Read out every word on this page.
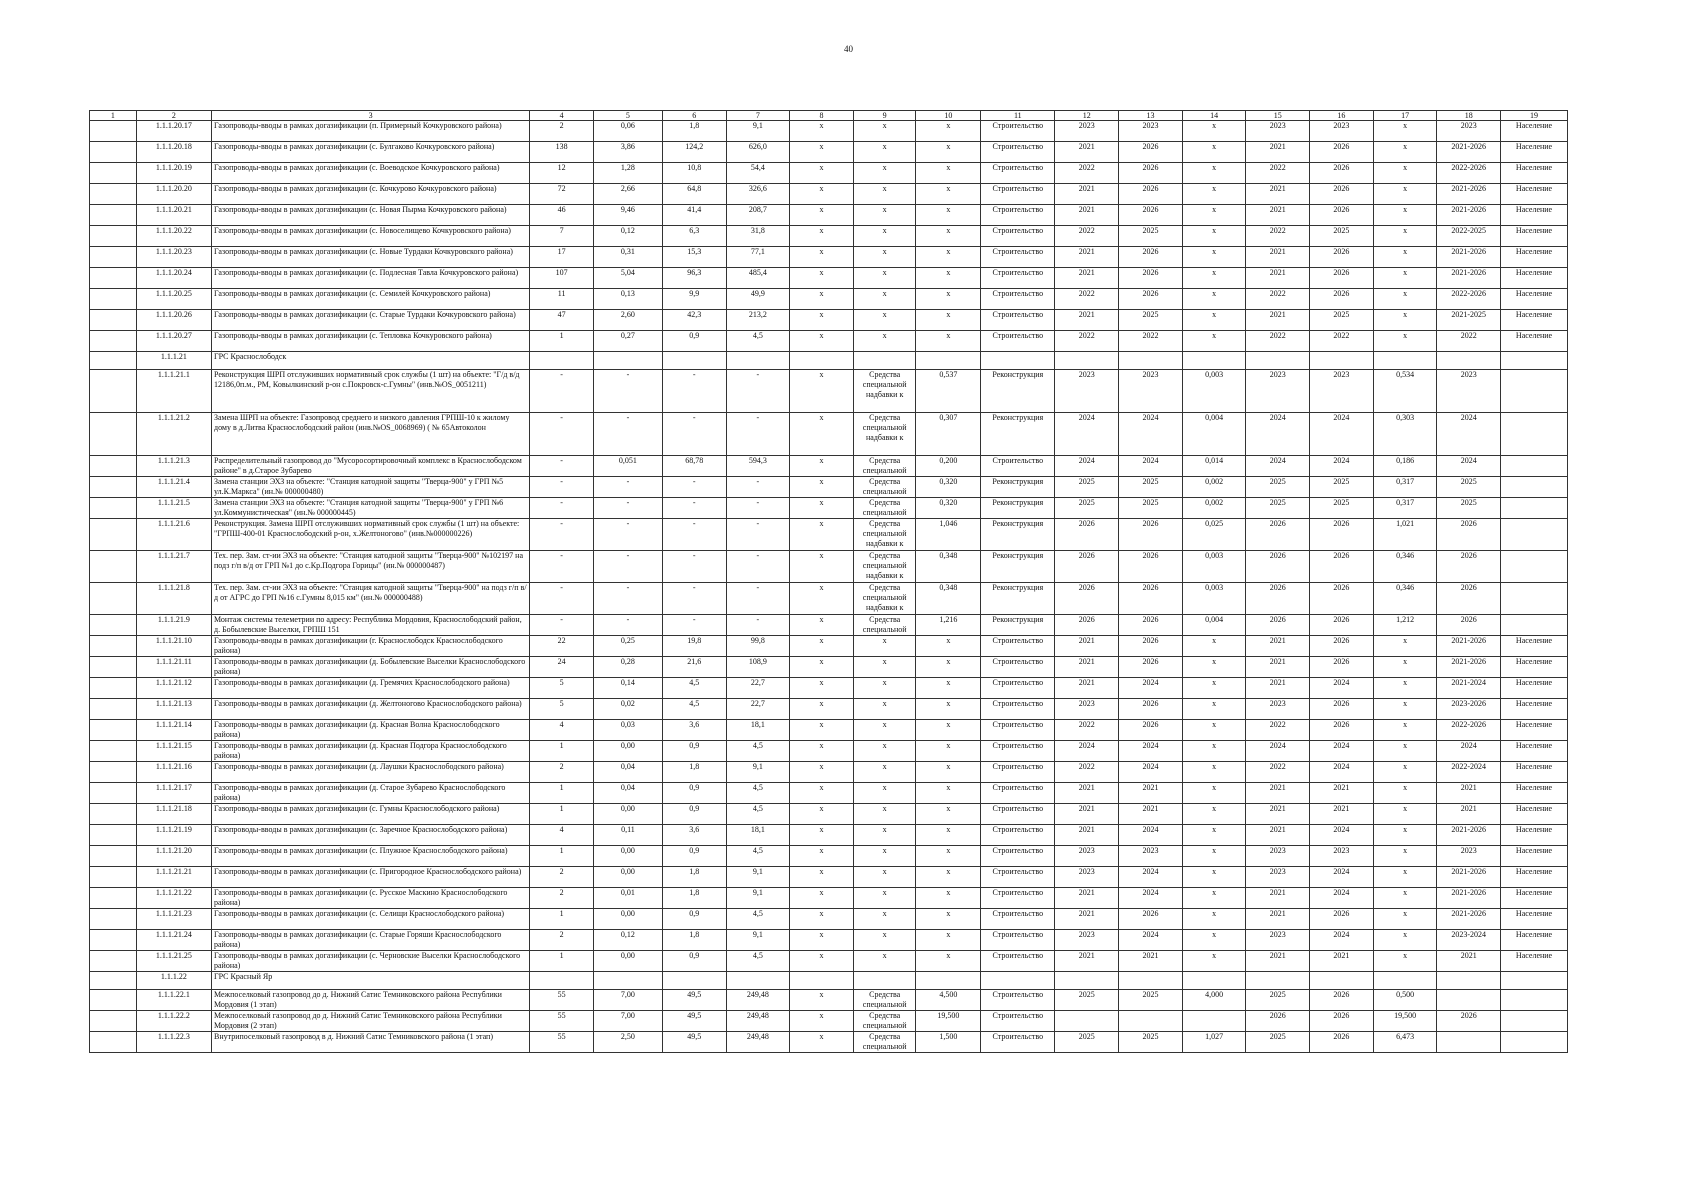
40
1	2	3	4	5	6	7	8	9	10	11	12	13	14	15	16	17	18	19
	1.1.1.20.17	Газопроводы-вводы в рамках догазификации (п. Примерный Кочкуровского района)	2	0,06	1,8	9,1	х	х	х	Строительство	2023	2023	х	2023	2023	х	2023	Население
	1.1.1.20.18	Газопроводы-вводы в рамках догазификации (с. Булгаково Кочкуровского района)	138	3,86	124,2	626,0	х	х	х	Строительство	2021	2026	х	2021	2026	х	2021-2026	Население
	1.1.1.20.19	Газопроводы-вводы в рамках догазификации (с. Воеводское Кочкуровского района)	12	1,28	10,8	54,4	х	х	х	Строительство	2022	2026	х	2022	2026	х	2022-2026	Население
	1.1.1.20.20	Газопроводы-вводы в рамках догазификации (с. Кочкурово Кочкуровского района)	72	2,66	64,8	326,6	х	х	х	Строительство	2021	2026	х	2021	2026	х	2021-2026	Население
	1.1.1.20.21	Газопроводы-вводы в рамках догазификации (с. Новая Пырма Кочкуровского района)	46	9,46	41,4	208,7	х	х	х	Строительство	2021	2026	х	2021	2026	х	2021-2026	Население
	1.1.1.20.22	Газопроводы-вводы в рамках догазификации (с. Новоселищево Кочкуровского района)	7	0,12	6,3	31,8	х	х	х	Строительство	2022	2025	х	2022	2025	х	2022-2025	Население
	1.1.1.20.23	Газопроводы-вводы в рамках догазификации (с. Новые Турдаки Кочкуровского района)	17	0,31	15,3	77,1	х	х	х	Строительство	2021	2026	х	2021	2026	х	2021-2026	Население
	1.1.1.20.24	Газопроводы-вводы в рамках догазификации (с. Подлесная Тавла Кочкуровского района)	107	5,04	96,3	485,4	х	х	х	Строительство	2021	2026	х	2021	2026	х	2021-2026	Население
	1.1.1.20.25	Газопроводы-вводы в рамках догазификации (с. Семилей Кочкуровского района)	11	0,13	9,9	49,9	х	х	х	Строительство	2022	2026	х	2022	2026	х	2022-2026	Население
	1.1.1.20.26	Газопроводы-вводы в рамках догазификации (с. Старые Турдаки Кочкуровского района)	47	2,60	42,3	213,2	х	х	х	Строительство	2021	2025	х	2021	2025	х	2021-2025	Население
	1.1.1.20.27	Газопроводы-вводы в рамках догазификации (с. Тепловка Кочкуровского района)	1	0,27	0,9	4,5	х	х	х	Строительство	2022	2022	х	2022	2022	х	2022	Население
	1.1.1.21	ГРС Краснослободск																
	1.1.1.21.1	Реконструкция ШРП отслуживших нормативный срок службы (1 шт) на объекте: "Г/д в/д 12186,0п.м., РМ, Ковылкинский р-он с.Покровск-с.Гумны" (инв.№OS_0051211)	-	-	-	-	х	Средства специальной надбавки к	0,537	Реконструкция	2023	2023	0,003	2023	2023	0,534	2023	
	1.1.1.21.2	Замена ШРП на объекте: Газопровод среднего и низкого давления ГРПШ-10 к жилому дому в д.Литва Краснослободский район (инв.№OS_0068969) ( № 65Автоколон	-	-	-	-	х	Средства специальной надбавки к	0,307	Реконструкция	2024	2024	0,004	2024	2024	0,303	2024	
	1.1.1.21.3	Распределительный газопровод до "Мусоросортировочный комплекс в Краснослободском районе" в д.Старое Зубарево	-	0,051	68,78	594,3	х	Средства специальной	0,200	Строительство	2024	2024	0,014	2024	2024	0,186	2024	
	1.1.1.21.4	Замена станции ЭХЗ на объекте: "Станция катодной защиты "Тверца-900" у ГРП №5 ул.К.Маркса" (ин.№ 000000480)	-	-	-	-	х	Средства специальной	0,320	Реконструкция	2025	2025	0,002	2025	2025	0,317	2025	
	1.1.1.21.5	Замена станции ЭХЗ на объекте: "Станция катодной защиты "Тверца-900" у ГРП №6 ул.Коммунистическая" (ин.№ 000000445)	-	-	-	-	х	Средства специальной	0,320	Реконструкция	2025	2025	0,002	2025	2025	0,317	2025	
	1.1.1.21.6	Реконструкция. Замена ШРП отслуживших нормативный срок службы (1 шт) на объекте: "ГРПШ-400-01 Краснослободский р-он, х.Желтоногово" (инв.№000000226)	-	-	-	-	х	Средства специальной надбавки к	1,046	Реконструкция	2026	2026	0,025	2026	2026	1,021	2026	
	1.1.1.21.7	Тех. пер. Зам. ст-ии ЭХЗ на объекте: "Станция катодной защиты "Тверца-900" №102197 на подз г/п в/д от ГРП №1 до с.Кр.Подгора Горицы" (ин.№ 000000487)	-	-	-	-	х	Средства специальной надбавки к	0,348	Реконструкция	2026	2026	0,003	2026	2026	0,346	2026	
	1.1.1.21.8	Тех. пер. Зам. ст-ии ЭХЗ на объекте: "Станция катодной защиты "Тверца-900" на подз г/п в/д от АГРС до ГРП №16 с.Гумны 8,015 км" (ин.№ 000000488)	-	-	-	-	х	Средства специальной надбавки к	0,348	Реконструкция	2026	2026	0,003	2026	2026	0,346	2026	
	1.1.1.21.9	Монтаж системы телеметрии по адресу: Республика Мордовия, Краснослободский район, д. Бобылевские Выселки, ГРПШ 151	-	-	-	-	х	Средства специальной	1,216	Реконструкция	2026	2026	0,004	2026	2026	1,212	2026	
	1.1.1.21.10	Газопроводы-вводы в рамках догазификации (г. Краснослободск Краснослободского района)	22	0,25	19,8	99,8	х	х	х	Строительство	2021	2026	х	2021	2026	х	2021-2026	Население
	1.1.1.21.11	Газопроводы-вводы в рамках догазификации (д. Бобылевские Выселки Краснослободского района)	24	0,28	21,6	108,9	х	х	х	Строительство	2021	2026	х	2021	2026	х	2021-2026	Население
	1.1.1.21.12	Газопроводы-вводы в рамках догазификации (д. Гремячих Краснослободского района)	5	0,14	4,5	22,7	х	х	х	Строительство	2021	2024	х	2021	2024	х	2021-2024	Население
	1.1.1.21.13	Газопроводы-вводы в рамках догазификации (д. Желтоногово Краснослободского района)	5	0,02	4,5	22,7	х	х	х	Строительство	2023	2026	х	2023	2026	х	2023-2026	Население
	1.1.1.21.14	Газопроводы-вводы в рамках догазификации (д. Красная Волна Краснослободского района)	4	0,03	3,6	18,1	х	х	х	Строительство	2022	2026	х	2022	2026	х	2022-2026	Население
	1.1.1.21.15	Газопроводы-вводы в рамках догазификации (д. Красная Подгора Краснослободского района)	1	0,00	0,9	4,5	х	х	х	Строительство	2024	2024	х	2024	2024	х	2024	Население
	1.1.1.21.16	Газопроводы-вводы в рамках догазификации (д. Лаушки Краснослободского района)	2	0,04	1,8	9,1	х	х	х	Строительство	2022	2024	х	2022	2024	х	2022-2024	Население
	1.1.1.21.17	Газопроводы-вводы в рамках догазификации (д. Старое Зубарево Краснослободского района)	1	0,04	0,9	4,5	х	х	х	Строительство	2021	2021	х	2021	2021	х	2021	Население
	1.1.1.21.18	Газопроводы-вводы в рамках догазификации (с. Гумны Краснослободского района)	1	0,00	0,9	4,5	х	х	х	Строительство	2021	2021	х	2021	2021	х	2021	Население
	1.1.1.21.19	Газопроводы-вводы в рамках догазификации (с. Заречное Краснослободского района)	4	0,11	3,6	18,1	х	х	х	Строительство	2021	2024	х	2021	2024	х	2021-2026	Население
	1.1.1.21.20	Газопроводы-вводы в рамках догазификации (с. Плужное Краснослободского района)	1	0,00	0,9	4,5	х	х	х	Строительство	2023	2023	х	2023	2023	х	2023	Население
	1.1.1.21.21	Газопроводы-вводы в рамках догазификации (с. Пригородное Краснослободского района)	2	0,00	1,8	9,1	х	х	х	Строительство	2023	2024	х	2023	2024	х	2021-2026	Население
	1.1.1.21.22	Газопроводы-вводы в рамках догазификации (с. Русское Маскино Краснослободского района)	2	0,01	1,8	9,1	х	х	х	Строительство	2021	2024	х	2021	2024	х	2021-2026	Население
	1.1.1.21.23	Газопроводы-вводы в рамках догазификации (с. Селищи Краснослободского района)	1	0,00	0,9	4,5	х	х	х	Строительство	2021	2026	х	2021	2026	х	2021-2026	Население
	1.1.1.21.24	Газопроводы-вводы в рамках догазификации (с. Старые Горяши Краснослободского района)	2	0,12	1,8	9,1	х	х	х	Строительство	2023	2024	х	2023	2024	х	2023-2024	Население
	1.1.1.21.25	Газопроводы-вводы в рамках догазификации (с. Черновские Выселки Краснослободского района)	1	0,00	0,9	4,5	х	х	х	Строительство	2021	2021	х	2021	2021	х	2021	Население
	1.1.1.22	ГРС Красный Яр																
	1.1.1.22.1	Межпоселковый газопровод до д. Нижний Сатис Темниковского района Республики Мордовия (1 этап)	55	7,00	49,5	249,48	х	Средства специальной	4,500	Строительство	2025	2025	4,000	2025	2026	0,500		
	1.1.1.22.2	Межпоселковый газопровод до д. Нижний Сатис Темниковского района Республики Мордовия (2 этап)	55	7,00	49,5	249,48	х	Средства специальной	19,500	Строительство				2026	2026	19,500	2026	
	1.1.1.22.3	Внутрипоселковый газопровод в д. Нижний Сатис Темниковского района (1 этап)	55	2,50	49,5	249,48	х	Средства специальной	1,500	Строительство	2025	2025	1,027	2025	2026	6,473		
